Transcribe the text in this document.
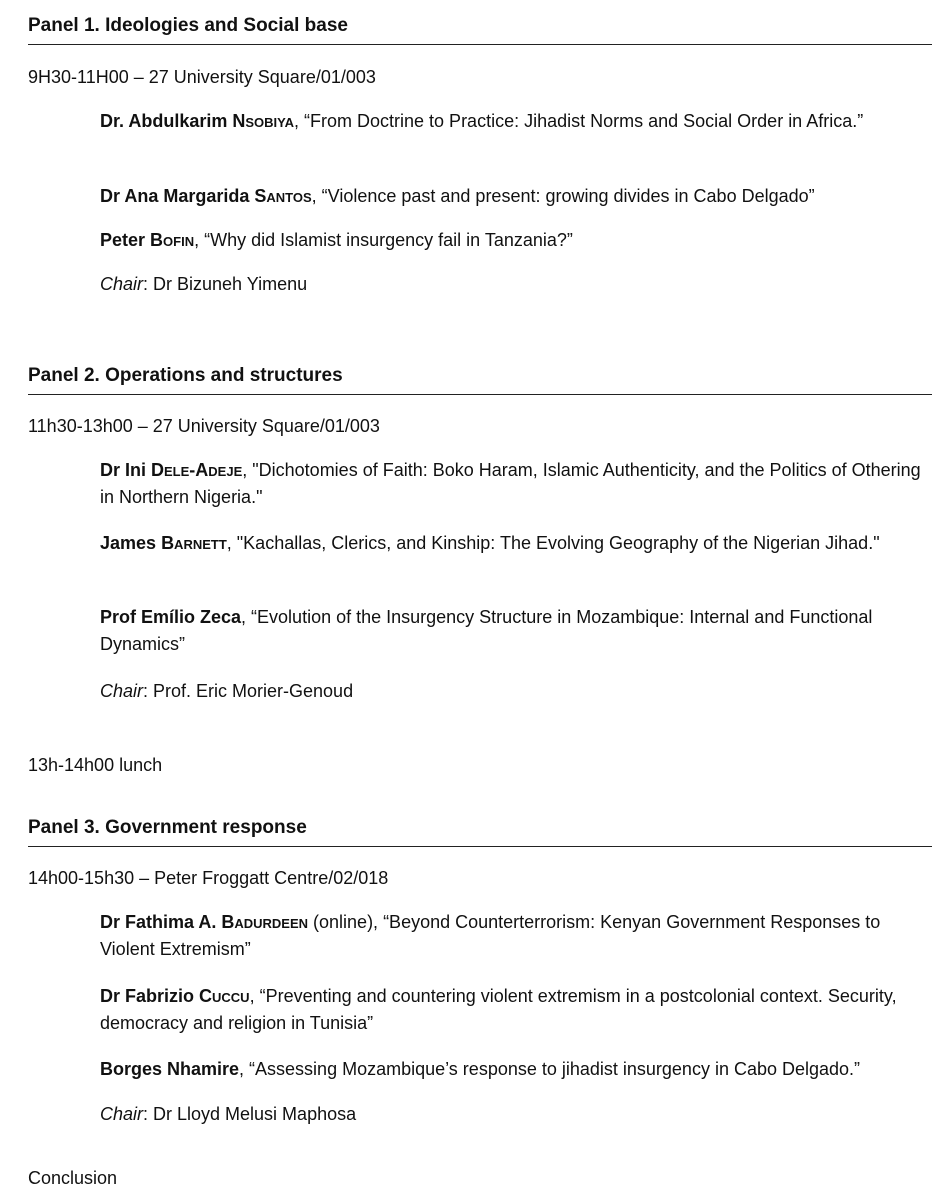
Panel 1. Ideologies and Social base
9H30-11H00 – 27 University Square/01/003
Dr. Abdulkarim Nsobiya, “From Doctrine to Practice: Jihadist Norms and Social Order in Africa.”
Dr Ana Margarida Santos, “Violence past and present: growing divides in Cabo Delgado”
Peter Bofin, “Why did Islamist insurgency fail in Tanzania?”
Chair: Dr Bizuneh Yimenu
Panel 2. Operations and structures
11h30-13h00 – 27 University Square/01/003
Dr Ini Dele-Adeje, "Dichotomies of Faith: Boko Haram, Islamic Authenticity, and the Politics of Othering in Northern Nigeria."
James Barnett, "Kachallas, Clerics, and Kinship: The Evolving Geography of the Nigerian Jihad."
Prof Emílio Zeca, “Evolution of the Insurgency Structure in Mozambique: Internal and Functional Dynamics”
Chair: Prof. Eric Morier-Genoud
13h-14h00 lunch
Panel 3. Government response
14h00-15h30 – Peter Froggatt Centre/02/018
Dr Fathima A. Badurdeen (online), “Beyond Counterterrorism: Kenyan Government Responses to Violent Extremism”
Dr Fabrizio Cuccu, “Preventing and countering violent extremism in a postcolonial context. Security, democracy and religion in Tunisia”
Borges Nhamire, “Assessing Mozambique’s response to jihadist insurgency in Cabo Delgado.”
Chair: Dr Lloyd Melusi Maphosa
Conclusion
